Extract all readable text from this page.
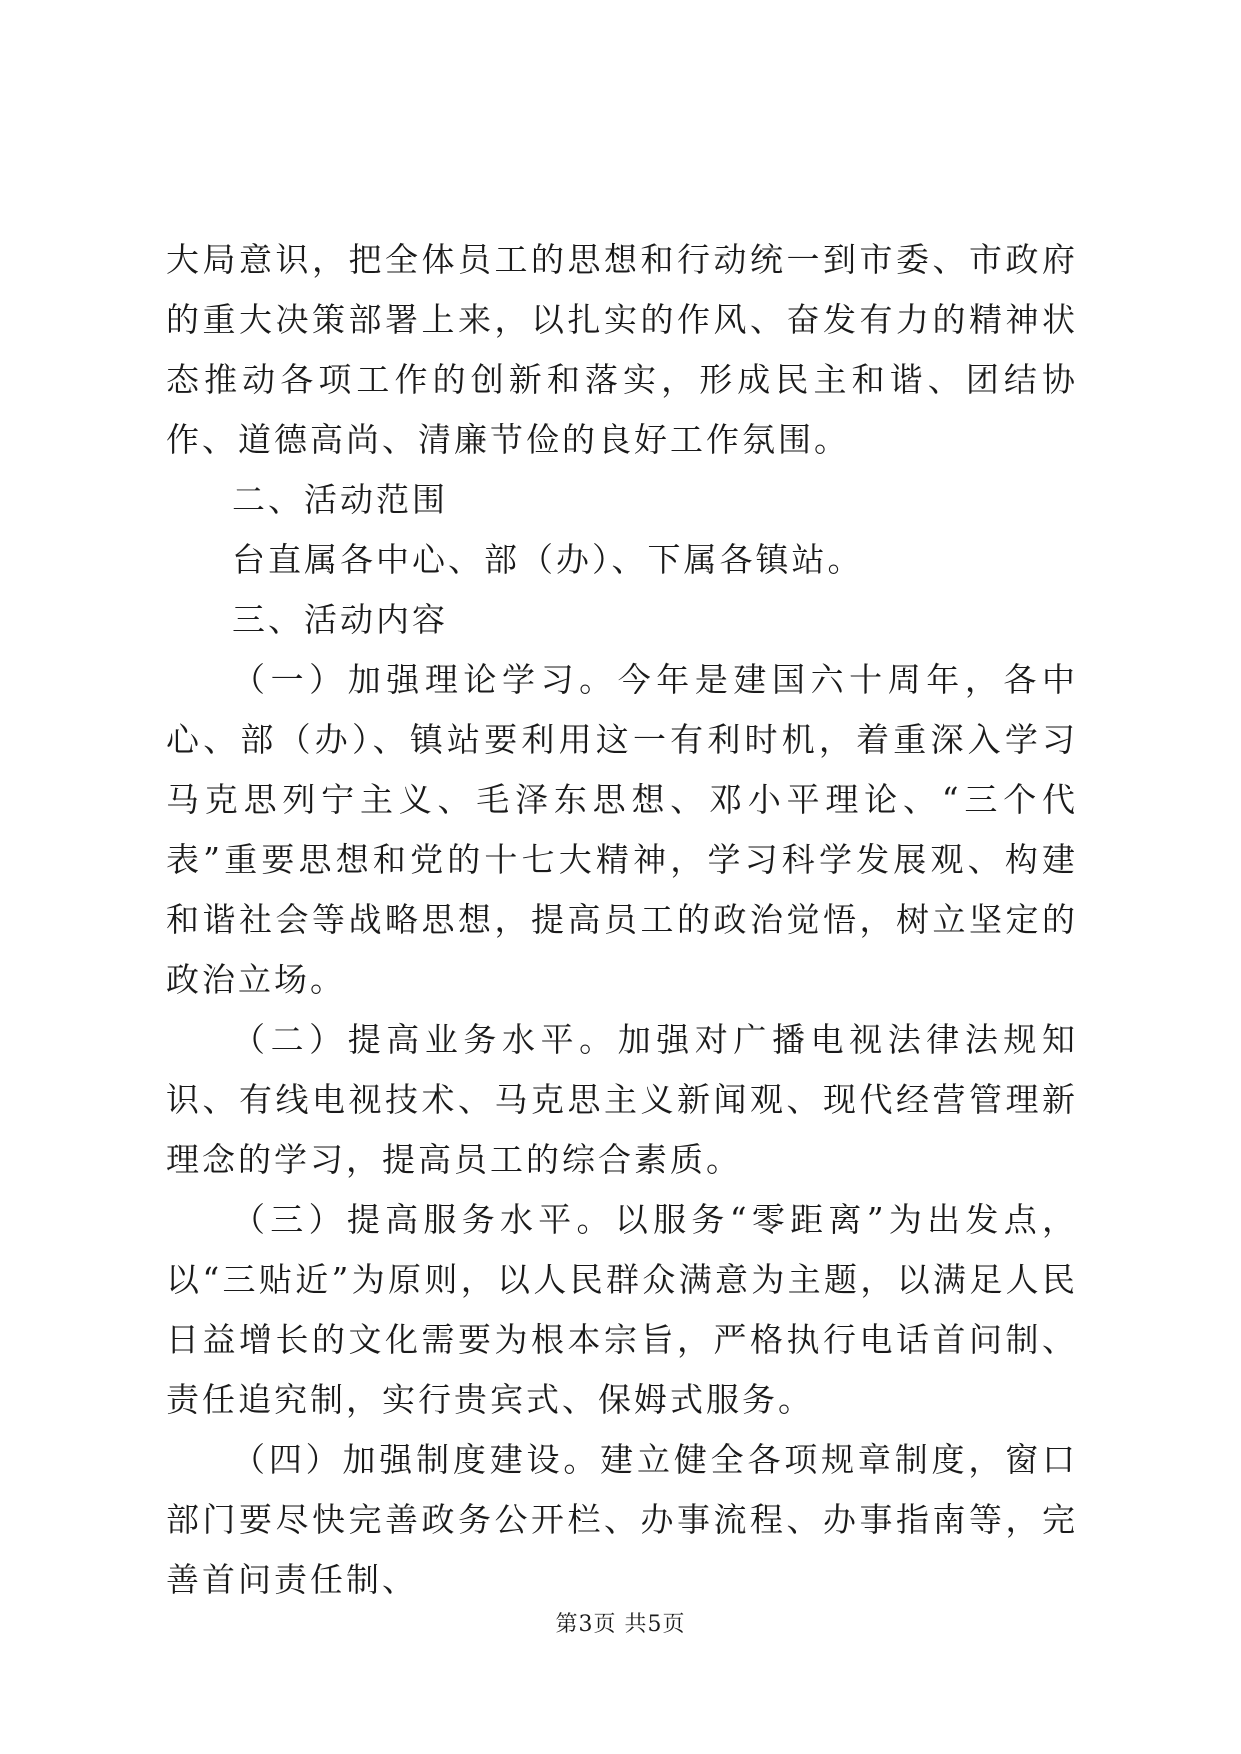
大局意识，把全体员工的思想和行动统一到市委、市政府的重大决策部署上来，以扎实的作风、奋发有力的精神状态推动各项工作的创新和落实，形成民主和谐、团结协作、道德高尚、清廉节俭的良好工作氛围。

二、活动范围

台直属各中心、部（办）、下属各镇站。

三、活动内容

（一）加强理论学习。今年是建国六十周年，各中心、部（办）、镇站要利用这一有利时机，着重深入学习马克思列宁主义、毛泽东思想、邓小平理论、“三个代表”重要思想和党的十七大精神，学习科学发展观、构建和谐社会等战略思想，提高员工的政治觉悟，树立坚定的政治立场。

（二）提高业务水平。加强对广播电视法律法规知识、有线电视技术、马克思主义新闻观、现代经营管理新理念的学习，提高员工的综合素质。

（三）提高服务水平。以服务“零距离”为出发点，以“三贴近”为原则，以人民群众满意为主题，以满足人民日益增长的文化需要为根本宗旨，严格执行电话首问制、责任追究制，实行贵宾式、保姆式服务。

（四）加强制度建设。建立健全各项规章制度，窗口部门要尽快完善政务公开栏、办事流程、办事指南等，完善首问责任制、

第3页 共5页
